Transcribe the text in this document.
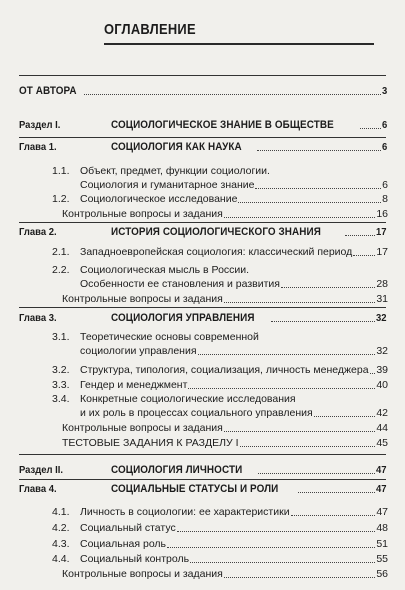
ОГЛАВЛЕНИЕ
ОТ АВТОРА	3
Раздел I.	СОЦИОЛОГИЧЕСКОЕ ЗНАНИЕ В ОБЩЕСТВЕ	6
Глава 1.	СОЦИОЛОГИЯ КАК НАУКА	6
1.1. Объект, предмет, функции социологии.
Социология и гуманитарное знание	6
1.2. Социологическое исследование	8
Контрольные вопросы и задания	16
Глава 2.	ИСТОРИЯ СОЦИОЛОГИЧЕСКОГО ЗНАНИЯ	17
2.1. Западноевропейская социология: классический период 17
2.2. Социологическая мысль в России.
Особенности ее становления и развития	28
Контрольные вопросы и задания	31
Глава 3.	СОЦИОЛОГИЯ УПРАВЛЕНИЯ	32
3.1. Теоретические основы современной
социологии управления	32
3.2. Структура, типология, социализация, личность менеджера 39
3.3. Гендер и менеджмент	40
3.4. Конкретные социологические исследования
и их роль в процессах социального управления	42
Контрольные вопросы и задания	44
ТЕСТОВЫЕ ЗАДАНИЯ К РАЗДЕЛУ I	45
Раздел II.	СОЦИОЛОГИЯ ЛИЧНОСТИ	47
Глава 4.	СОЦИАЛЬНЫЕ СТАТУСЫ И РОЛИ	47
4.1. Личность в социологии: ее характеристики	47
4.2. Социальный статус	48
4.3. Социальная роль	51
4.4. Социальный контроль	55
Контрольные вопросы и задания	56
